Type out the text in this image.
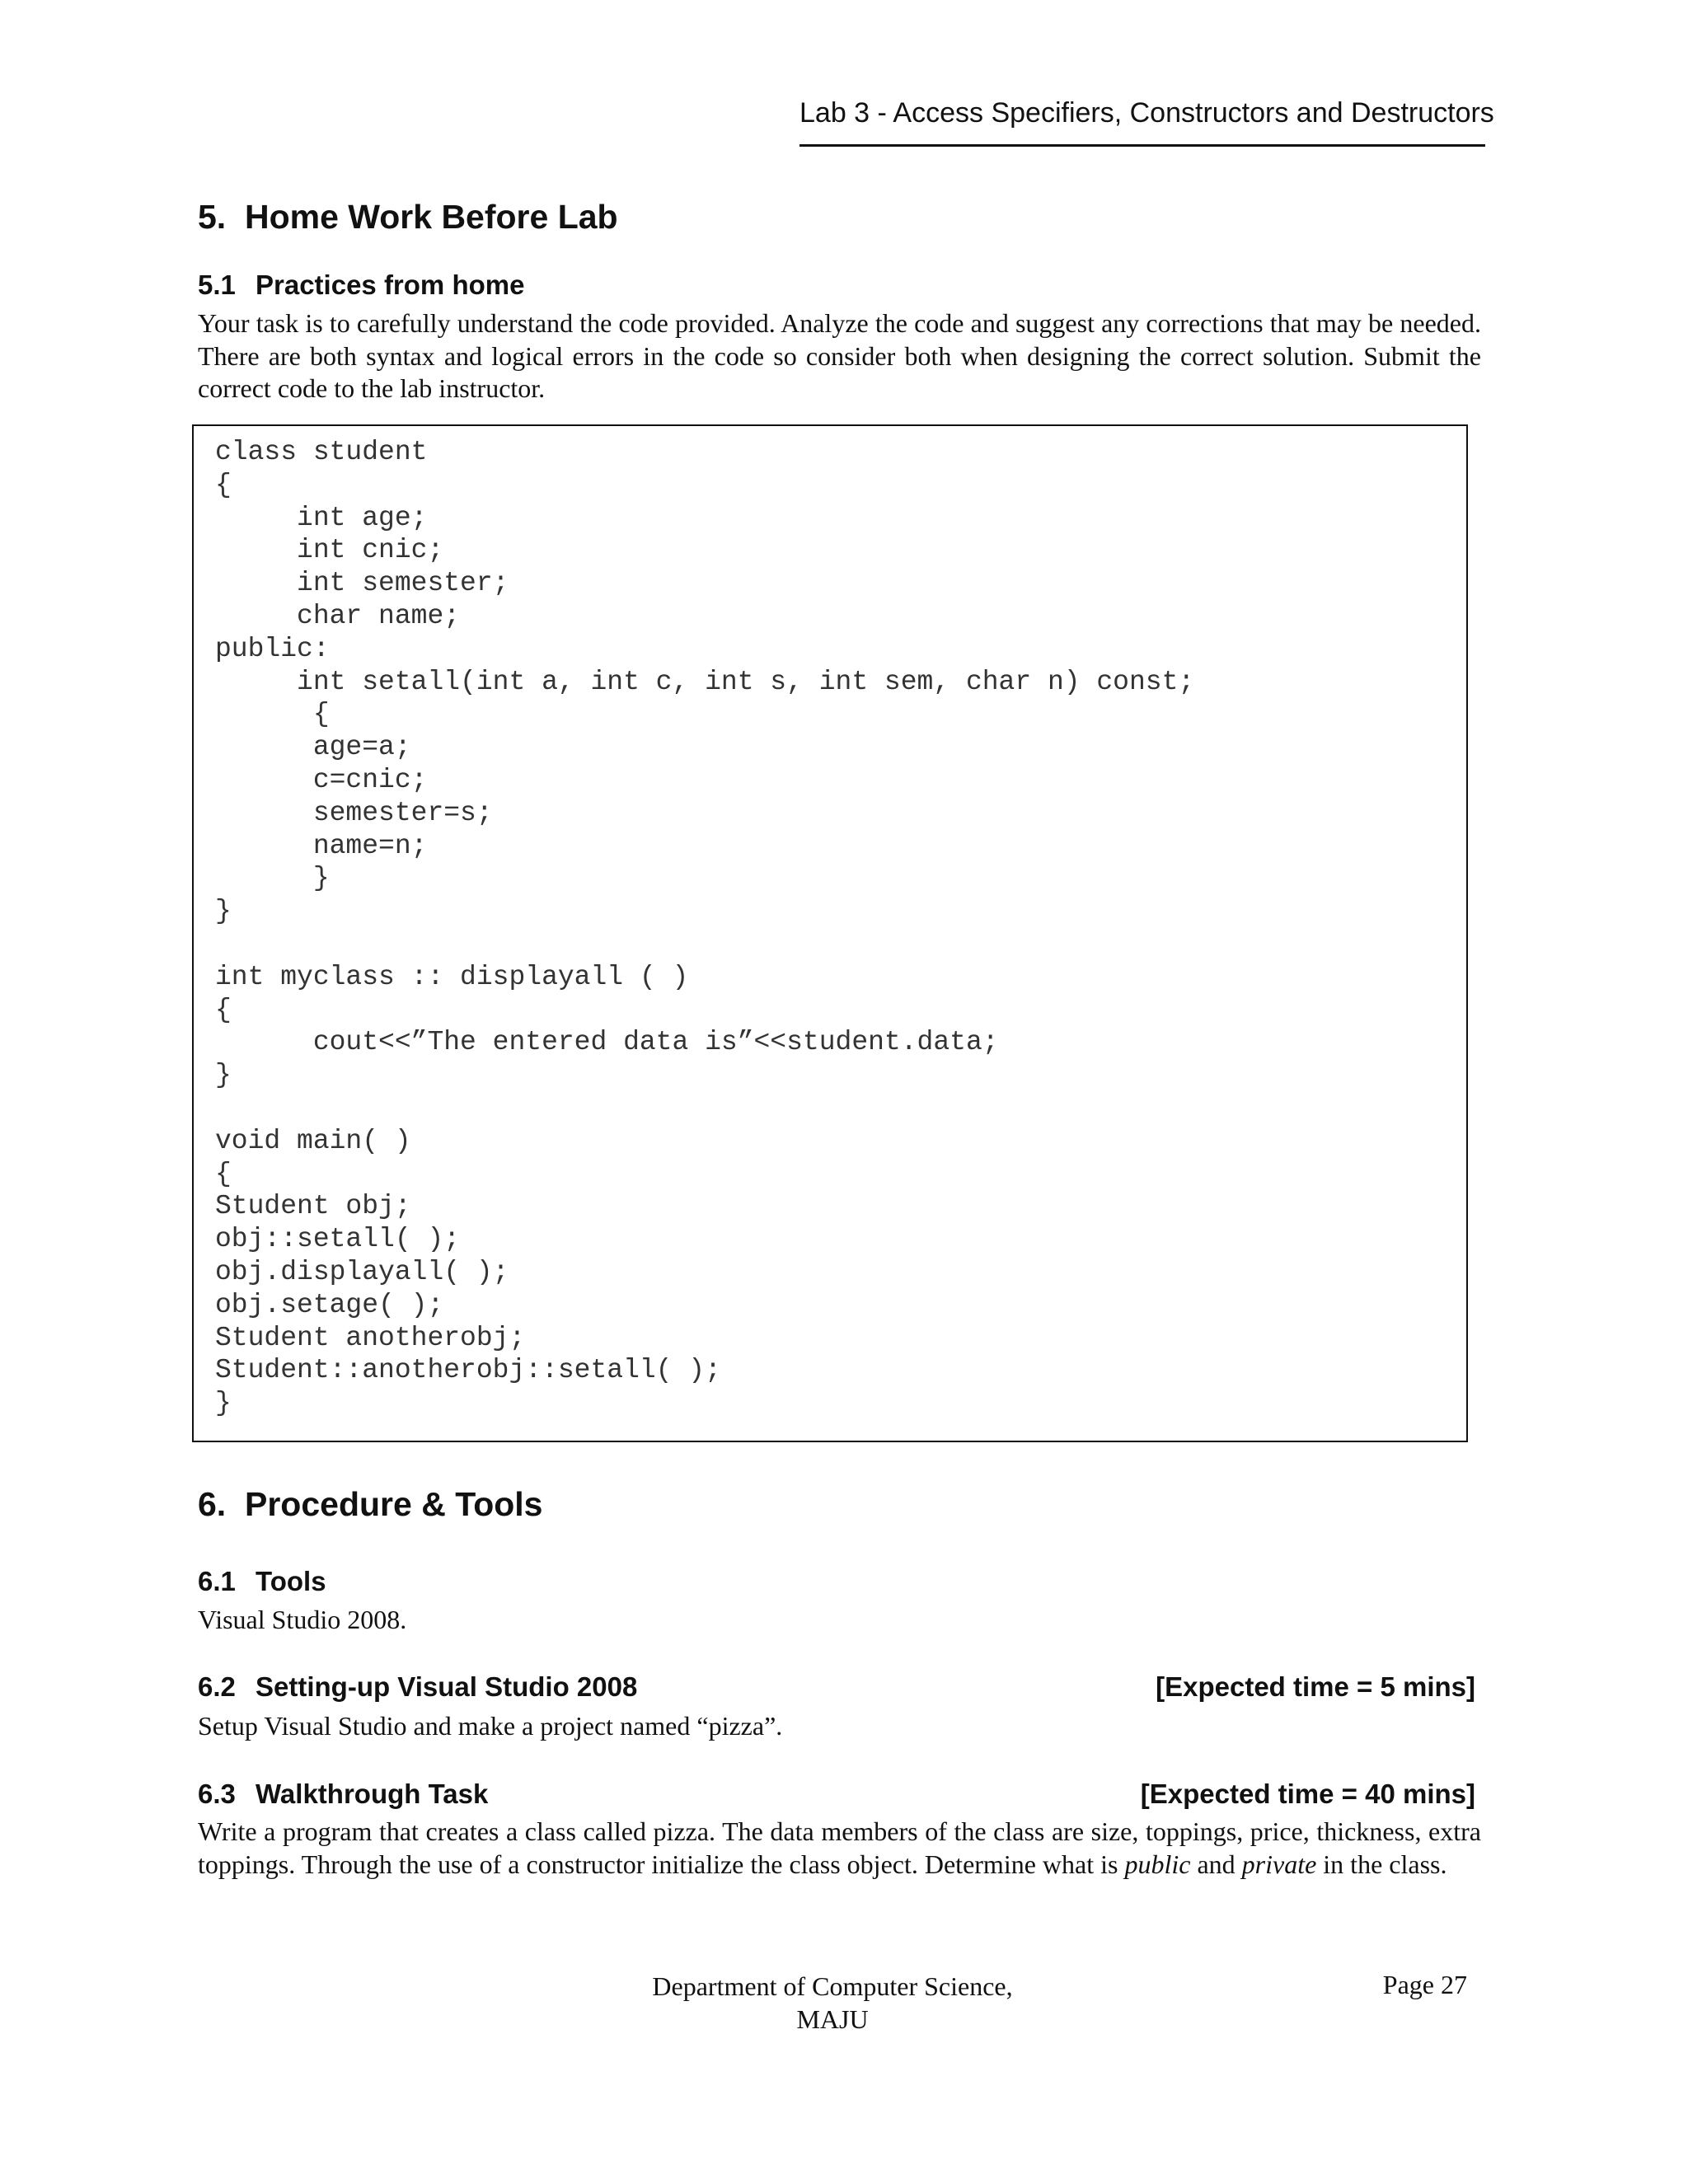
Lab 3 - Access Specifiers, Constructors and Destructors
5. Home Work Before Lab
5.1 Practices from home
Your task is to carefully understand the code provided. Analyze the code and suggest any corrections that may be needed. There are both syntax and logical errors in the code so consider both when designing the correct solution. Submit the correct code to the lab instructor.
class student
{
int age;
int cnic;
int semester;
char name;
public:
int setall(int a, int c, int s, int sem, char n) const;
{
age=a;
c=cnic;
semester=s;
name=n;
}
}
int myclass :: displayall ( )
{
cout<<”The entered data is”<<student.data;
}
void main( )
{
Student obj;
obj::setall( );
obj.displayall( );
obj.setage( );
Student anotherobj;
Student::anotherobj::setall( );
}
6. Procedure & Tools
6.1 Tools
Visual Studio 2008.
6.2 Setting-up Visual Studio 2008	[Expected time = 5 mins]
Setup Visual Studio and make a project named “pizza”.
6.3 Walkthrough Task	[Expected time = 40 mins]
Write a program that creates a class called pizza. The data members of the class are size, toppings, price, thickness, extra toppings. Through the use of a constructor initialize the class object. Determine what is public and private in the class.
Department of Computer Science,
MAJU
Page 27
